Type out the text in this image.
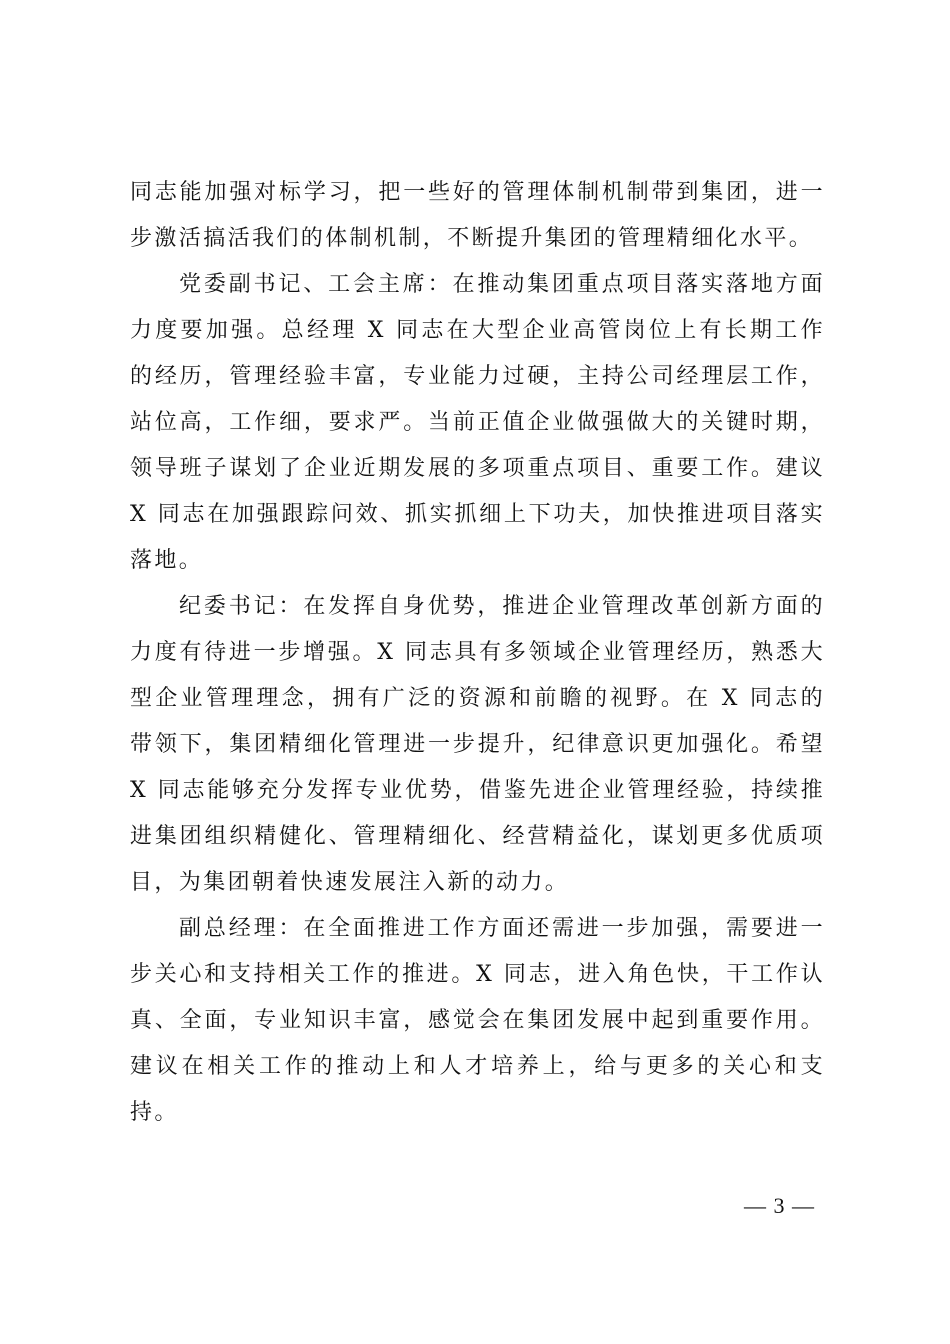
同志能加强对标学习，把一些好的管理体制机制带到集团，进一步激活搞活我们的体制机制，不断提升集团的管理精细化水平。

党委副书记、工会主席：在推动集团重点项目落实落地方面力度要加强。总经理 X 同志在大型企业高管岗位上有长期工作的经历，管理经验丰富，专业能力过硬，主持公司经理层工作，站位高，工作细，要求严。当前正值企业做强做大的关键时期，领导班子谋划了企业近期发展的多项重点项目、重要工作。建议 X 同志在加强跟踪问效、抓实抓细上下功夫，加快推进项目落实落地。

纪委书记：在发挥自身优势，推进企业管理改革创新方面的力度有待进一步增强。X 同志具有多领域企业管理经历，熟悉大型企业管理理念，拥有广泛的资源和前瞻的视野。在 X 同志的带领下，集团精细化管理进一步提升，纪律意识更加强化。希望 X 同志能够充分发挥专业优势，借鉴先进企业管理经验，持续推进集团组织精健化、管理精细化、经营精益化，谋划更多优质项目，为集团朝着快速发展注入新的动力。

副总经理：在全面推进工作方面还需进一步加强，需要进一步关心和支持相关工作的推进。X 同志，进入角色快，干工作认真、全面，专业知识丰富，感觉会在集团发展中起到重要作用。建议在相关工作的推动上和人才培养上，给与更多的关心和支持。

— 3 —
